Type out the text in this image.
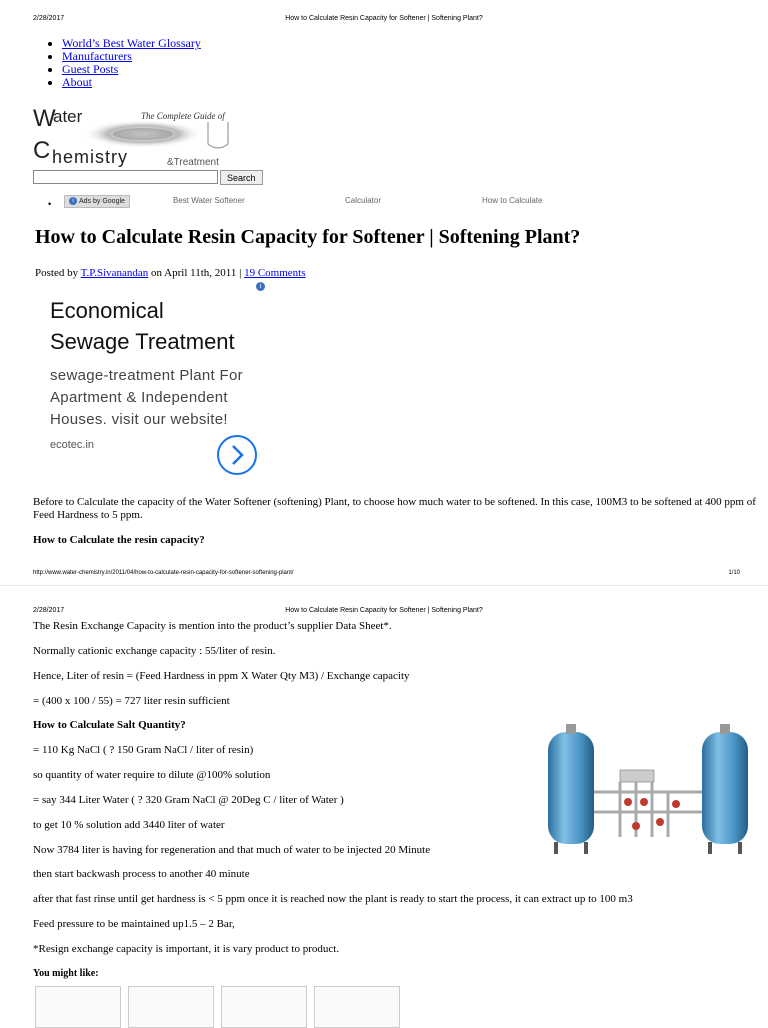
2/28/2017	How to Calculate Resin Capacity for Softener | Softening Plant?
• World’s Best Water Glossary
• Manufacturers
• Guest Posts
• About
W
ater
C hemistry
The Complete Guide of
&Treatment
Search
•	i Ads by Google	Best Water Softener	Calculator	How to Calculate
How to Calculate Resin Capacity for Softener | Softening Plant?
Posted by T.P.Sivanandan on April 11th, 2011 | 19 Comments
i
Economical
Sewage Treatment
sewage-treatment Plant For
Apartment & Independent
Houses. visit our website!
ecotec.in
Before to Calculate the capacity of the Water Softener (softening) Plant, to choose how much water to be softened. In this case, 100M3 to be softened at 400 ppm of Feed Hardness to 5 ppm.
How to Calculate the resin capacity?
http://www.water-chemistry.in/2011/04/how-to-calculate-resin-capacity-for-softener-softening-plant/	1/10
2/28/2017	How to Calculate Resin Capacity for Softener | Softening Plant?
The Resin Exchange Capacity is mention into the product’s supplier Data Sheet*.
Normally cationic exchange capacity : 55/liter of resin.
Hence, Liter of resin = (Feed Hardness in ppm X Water Qty M3) / Exchange capacity
= (400 x 100 / 55) = 727 liter resin sufficient
How to Calculate Salt Quantity?
= 110 Kg NaCl ( ? 150 Gram NaCl / liter of resin)
so quantity of water require to dilute @100% solution
= say 344 Liter Water ( ? 320 Gram NaCl @ 20Deg C / liter of Water )
to get 10 % solution add 3440 liter of water
Now 3784 liter is having for regeneration and that much of water to be injected 20 Minute
then start backwash process to another 40 minute
after that fast rinse until get hardness is < 5 ppm once it is reached now the plant is ready to start the process, it can extract up to 100 m3
Feed pressure to be maintained up1.5 – 2 Bar,
*Resign exchange capacity is important, it is vary product to product.
You might like:
